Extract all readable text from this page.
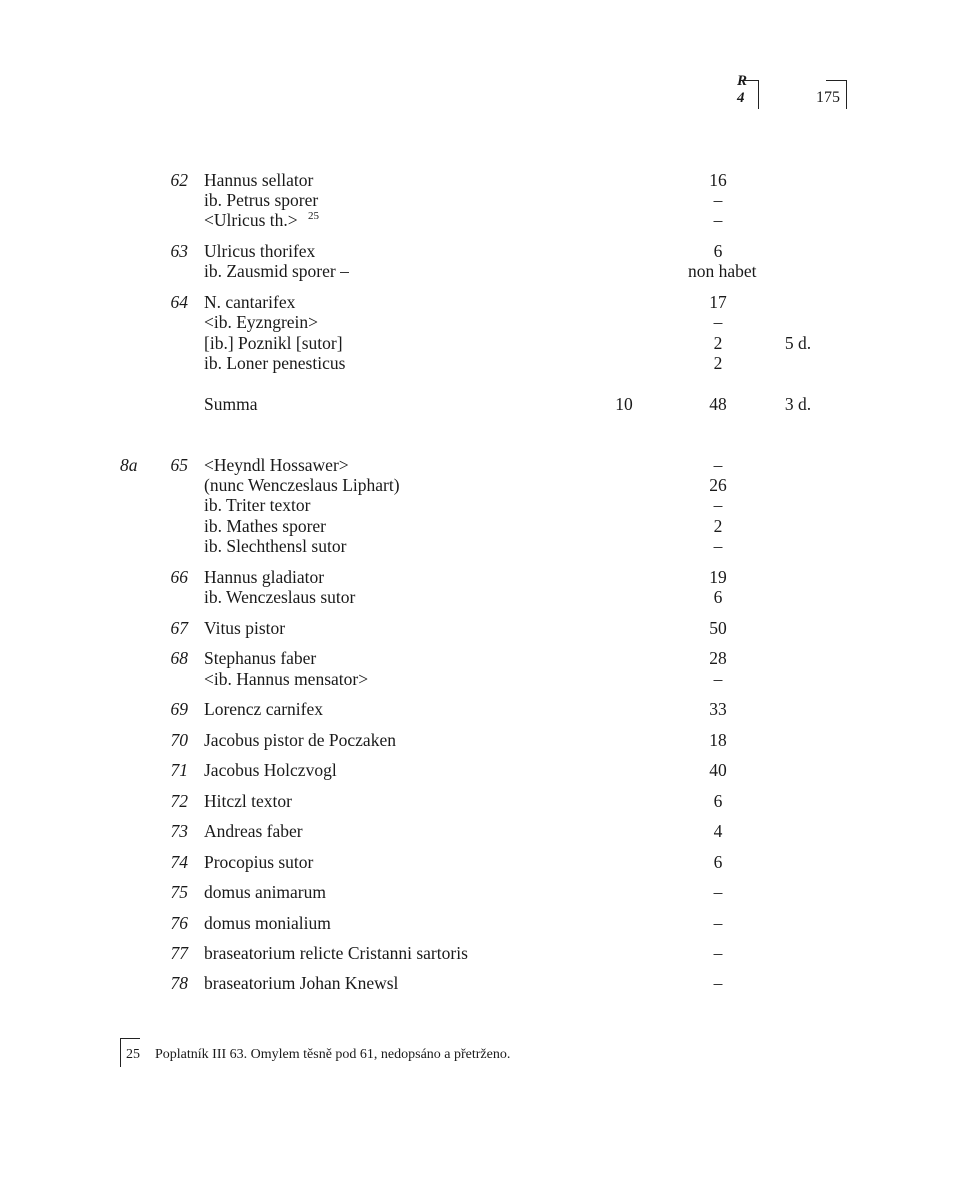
R 4	175
62 Hannus sellator	16
ib. Petrus sporer	–
<Ulricus th.>	–
25
63 Ulricus thorifex	6
ib. Zausmid sporer –	non habet
64 N. cantarifex	17
<ib. Eyzngrein>	–
[ib.] Poznikl [sutor]	2	5 d.
ib. Loner penesticus	2
Summa	10	48	3 d.
8a 65 <Heyndl Hossawer>	–
(nunc Wenczeslaus Liphart)	26
ib. Triter textor	–
ib. Mathes sporer	2
ib. Slechthensl sutor	–
66 Hannus gladiator	19
ib. Wenczeslaus sutor	6
67 Vitus pistor	50
68 Stephanus faber	28
<ib. Hannus mensator>	–
69 Lorencz carnifex	33
70 Jacobus pistor de Poczaken	18
71 Jacobus Holczvogl	40
72 Hitczl textor	6
73 Andreas faber	4
74 Procopius sutor	6
75 domus animarum	–
76 domus monialium	–
77 braseatorium relicte Cristanni sartoris	–
78 braseatorium Johan Knewsl	–
25 Poplatník III 63. Omylem těsně pod 61, nedopsáno a přetrženo.
